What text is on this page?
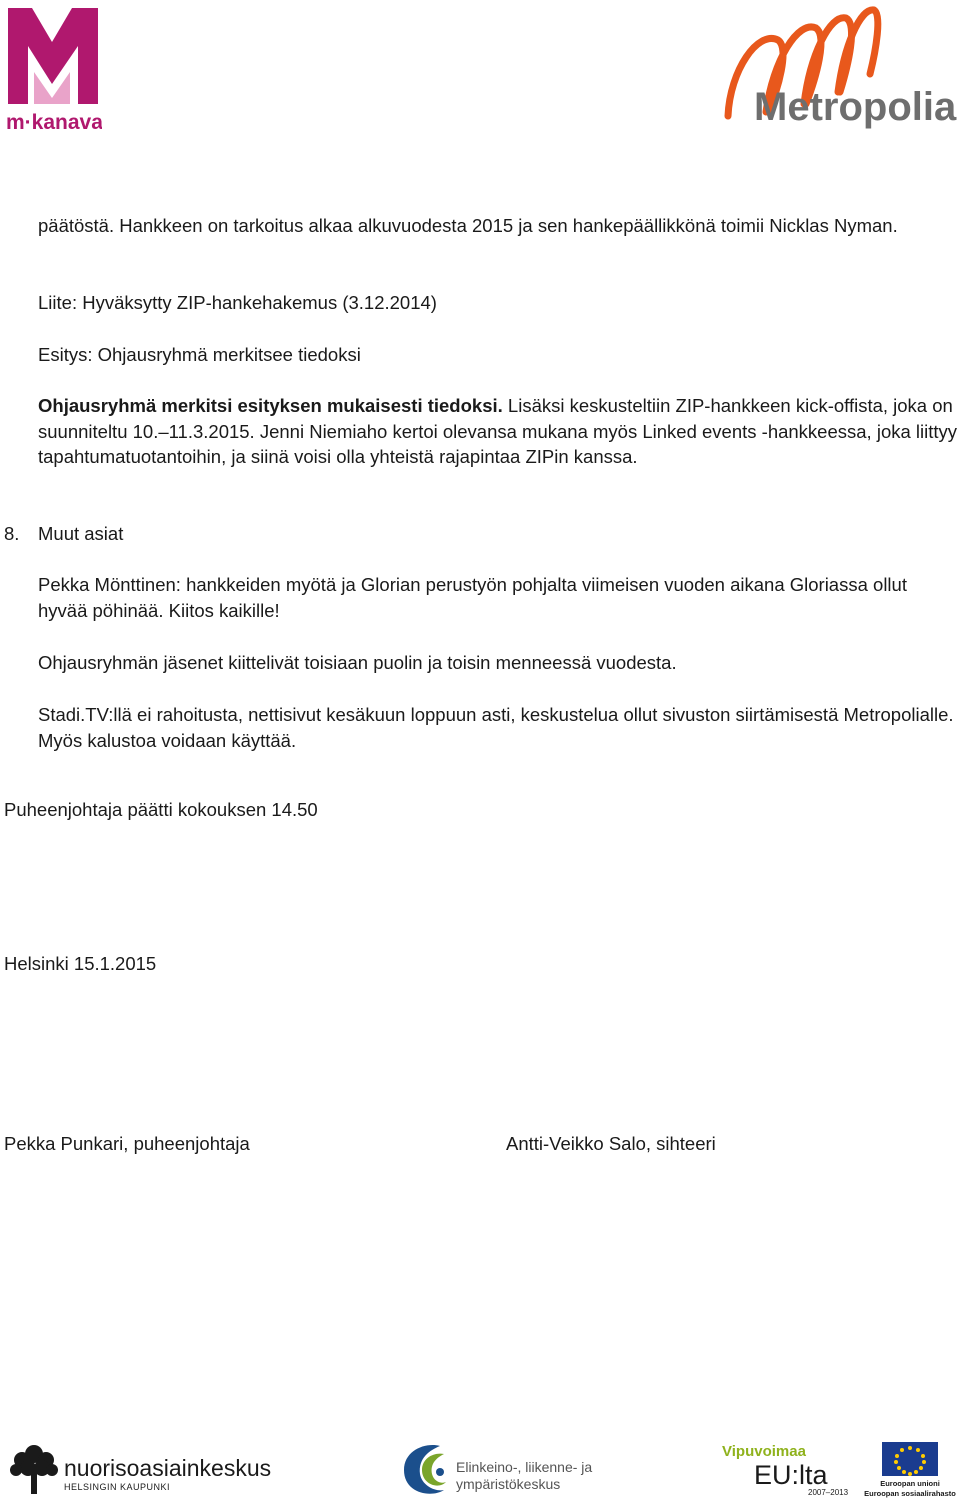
m·kanava	Metropolia

päätöstä. Hankkeen on tarkoitus alkaa alkuvuodesta 2015 ja sen hankepäällikkönä toimii Nicklas Nyman.

Liite: Hyväksytty ZIP-hankehakemus (3.12.2014)

Esitys: Ohjausryhmä merkitsee tiedoksi

Ohjausryhmä merkitsi esityksen mukaisesti tiedoksi. Lisäksi keskusteltiin ZIP-hankkeen kick-offista, joka on suunniteltu 10.–11.3.2015. Jenni Niemiaho kertoi olevansa mukana myös Linked events -hankkeessa, joka liittyy tapahtumatuotantoihin, ja siinä voisi olla yhteistä rajapintaa ZIPin kanssa.

8. Muut asiat

Pekka Mönttinen: hankkeiden myötä ja Glorian perustyön pohjalta viimeisen vuoden aikana Gloriassa ollut hyvää pöhinää. Kiitos kaikille!

Ohjausryhmän jäsenet kiittelivät toisiaan puolin ja toisin menneessä vuodesta.

Stadi.TV:llä ei rahoitusta, nettisivut kesäkuun loppuun asti, keskustelua ollut sivuston siirtämisestä Metropolialle. Myös kalustoa voidaan käyttää.

Puheenjohtaja päätti kokouksen 14.50
Helsinki 15.1.2015
Pekka Punkari, puheenjohtaja	Antti-Veikko Salo, sihteeri
nuorisoasiainkeskus
HELSINGIN KAUPUNKI
Elinkeino-, liikenne- ja
ympäristökeskus
Vipuvoimaa
EU:lta
2007–2013
Euroopan unioni
Euroopan sosiaalirahasto
